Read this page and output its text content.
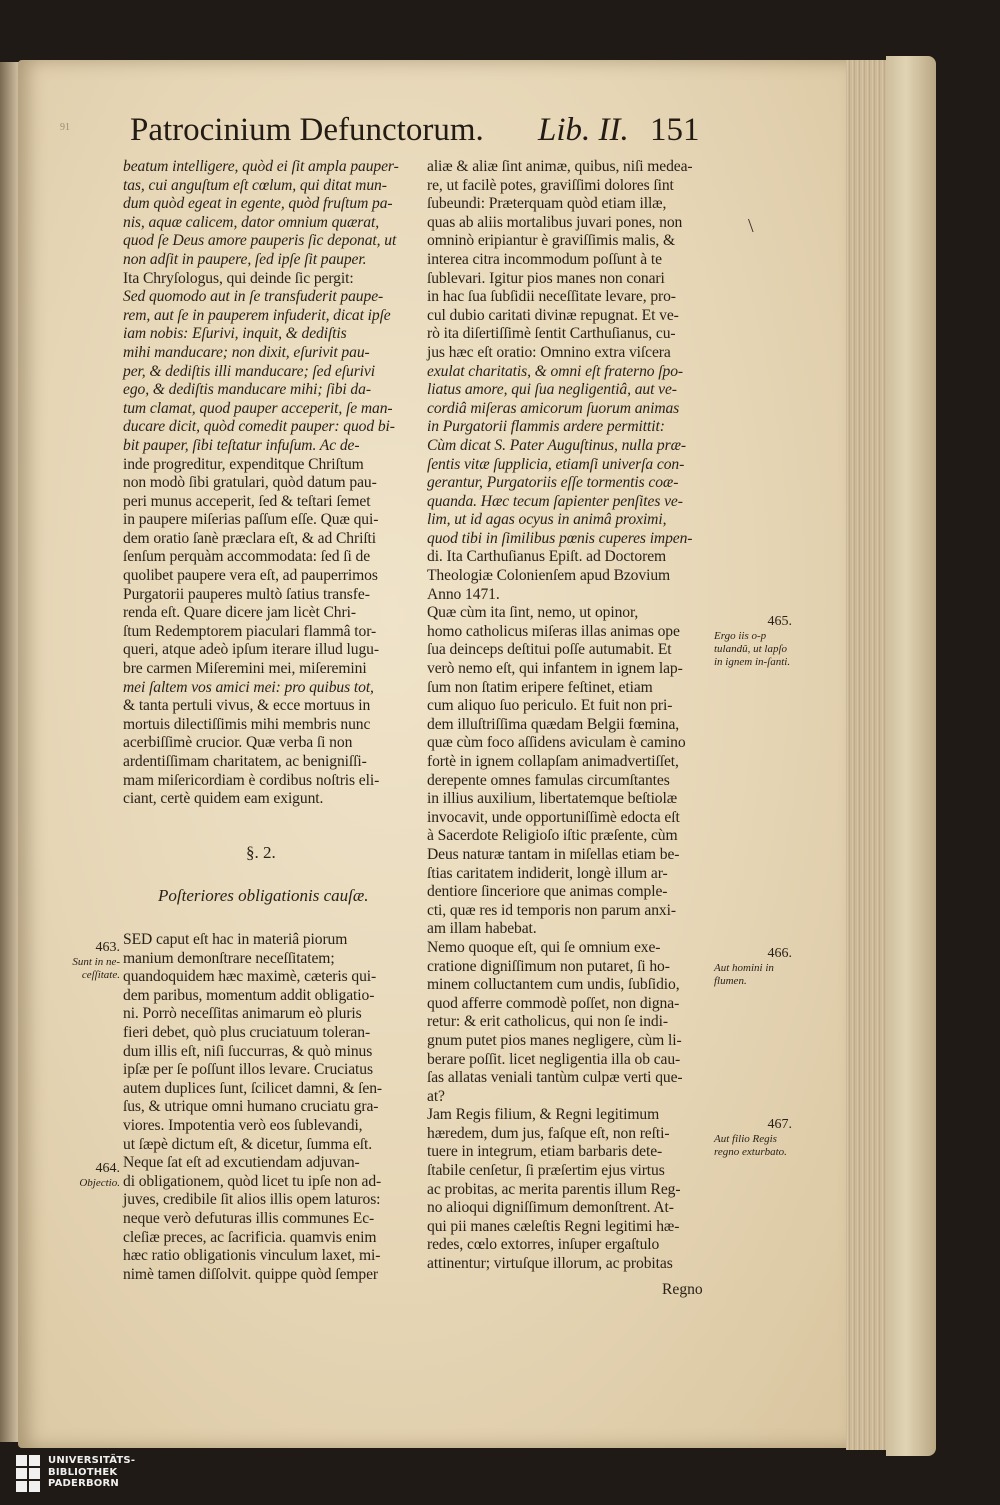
91 Patrocinium Defunctorum. Lib. II. 151
beatum intelligere, quòd ei ſit ampla pauper-
tas, cui anguſtum eſt cœlum, qui ditat mun-
dum quòd egeat in egente, quòd fruſtum pa-
nis, aquæ calicem, dator omnium quærat,
quod ſe Deus amore pauperis ſic deponat, ut
non adſit in paupere, ſed ipſe ſit pauper.
Ita Chryſologus, qui deinde ſic pergit:
Sed quomodo aut in ſe transfuderit paupe-
rem, aut ſe in pauperem infuderit, dicat ipſe
iam nobis: Eſurivi, inquit, & dediſtis
mihi manducare; non dixit, eſurivit pau-
per, & dediſtis illi manducare; ſed eſurivi
ego, & dediſtis manducare mihi; ſibi da-
tum clamat, quod pauper acceperit, ſe man-
ducare dicit, quòd comedit pauper: quod bi-
bit pauper, ſibi teſtatur infuſum. Ac de-
inde progreditur, expenditque Chriſtum
non modò ſibi gratulari, quòd datum pau-
peri munus acceperit, ſed & teſtari ſemet
in paupere miſerias paſſum eſſe. Quæ qui-
dem oratio ſanè præclara eſt, & ad Chriſti
ſenſum perquàm accommodata: ſed ſi de
quolibet paupere vera eſt, ad pauperrimos
Purgatorii pauperes multò ſatius transfe-
renda eſt. Quare dicere jam licèt Chri-
ſtum Redemptorem piaculari flammâ tor-
queri, atque adeò ipſum iterare illud lugu-
bre carmen Miſeremini mei, miſeremini
mei ſaltem vos amici mei: pro quibus tot,
& tanta pertuli vivus, & ecce mortuus in
mortuis dilectiſſimis mihi membris nunc
acerbiſſimè crucior. Quæ verba ſi non
ardentiſſimam charitatem, ac benigniſſi-
mam miſericordiam è cordibus noſtris eli-
ciant, certè quidem eam exigunt.
§. 2.
Poſteriores obligationis cauſæ.
SED caput eſt hac in materiâ piorum
manium demonſtrare neceſſitatem;
quandoquidem hæc maximè, cæteris qui-
dem paribus, momentum addit obligatio-
ni. Porrò neceſſitas animarum eò pluris
fieri debet, quò plus cruciatuum toleran-
dum illis eſt, niſi ſuccurras, & quò minus
ipſæ per ſe poſſunt illos levare. Cruciatus
autem duplices ſunt, ſcilicet damni, & ſen-
ſus, & utrique omni humano cruciatu gra-
viores. Impotentia verò eos ſublevandi,
ut ſæpè dictum eſt, & dicetur, ſumma eſt.
Neque ſat eſt ad excutiendam adjuvan-
di obligationem, quòd licet tu ipſe non ad-
juves, credibile ſit alios illis opem laturos:
neque verò defuturas illis communes Ec-
cleſiæ preces, ac ſacrificia. quamvis enim
hæc ratio obligationis vinculum laxet, mi-
nimè tamen diſſolvit. quippe quòd ſemper
aliæ & aliæ ſint animæ, quibus, niſi medea-
re, ut facilè potes, graviſſimi dolores ſint
ſubeundi: Præterquam quòd etiam illæ,
quas ab aliis mortalibus juvari pones, non
omninò eripiantur è graviſſimis malis, &
interea citra incommodum poſſunt à te
ſublevari. Igitur pios manes non conari
in hac ſua ſubſidii neceſſitate levare, pro-
cul dubio caritati divinæ repugnat. Et ve-
rò ita diſertiſſimè ſentit Carthuſianus, cu-
jus hæc eſt oratio: Omnino extra viſcera
exulat charitatis, & omni eſt fraterno ſpo-
liatus amore, qui ſua negligentiâ, aut ve-
cordiâ miſeras amicorum ſuorum animas
in Purgatorii flammis ardere permittit:
Cùm dicat S. Pater Auguſtinus, nulla præ-
ſentis vitæ ſupplicia, etiamſi univerſa con-
gerantur, Purgatoriis eſſe tormentis coæ-
quanda. Hæc tecum ſapienter penſites ve-
lim, ut id agas ocyus in animâ proximi,
quod tibi in ſimilibus pœnis cuperes impen-
di. Ita Carthuſianus Epiſt. ad Doctorem
Theologiæ Colonienſem apud Bzovium
Anno 1471.
Quæ cùm ita ſint, nemo, ut opinor,
homo catholicus miſeras illas animas ope
ſua deinceps deſtitui poſſe autumabit. Et
verò nemo eſt, qui infantem in ignem lap-
ſum non ſtatim eripere feſtinet, etiam
cum aliquo ſuo periculo. Et fuit non pri-
dem illuſtriſſima quædam Belgii fœmina,
quæ cùm foco aſſidens aviculam è camino
fortè in ignem collapſam animadvertiſſet,
derepente omnes famulas circumſtantes
in illius auxilium, libertatemque beſtiolæ
invocavit, unde opportuniſſimè edocta eſt
à Sacerdote Religioſo iſtic præſente, cùm
Deus naturæ tantam in miſellas etiam be-
ſtias caritatem indiderit, longè illum ar-
dentiore ſinceriore que animas comple-
cti, quæ res id temporis non parum anxi-
am illam habebat.
Nemo quoque eſt, qui ſe omnium exe-
cratione digniſſimum non putaret, ſi ho-
minem colluctantem cum undis, ſubſidio,
quod afferre commodè poſſet, non digna-
retur: & erit catholicus, qui non ſe indi-
gnum putet pios manes negligere, cùm li-
berare poſſit. licet negligentia illa ob cau-
ſas allatas veniali tantùm culpæ verti que-
at?
Jam Regis filium, & Regni legitimum
hæredem, dum jus, faſque eſt, non reſti-
tuere in integrum, etiam barbaris dete-
ſtabile cenſetur, ſi præſertim ejus virtus
ac probitas, ac merita parentis illum Reg-
no alioqui digniſſimum demonſtrent. At-
qui pii manes cæleſtis Regni legitimi hæ-
redes, cœlo extorres, inſuper ergaſtulo
attinentur; virtuſque illorum, ac probitas
Regno
\
463.
Sunt in ne-ceſſitate.
464.
Objectio.
465.
Ergo iis o-p tulandû, ut lapſo in ignem in-ſanti.
466.
Aut homini in flumen.
467.
Aut filio Regis regno exturbato.
UNIVERSITÄTS-
BIBLIOTHEK
PADERBORN
